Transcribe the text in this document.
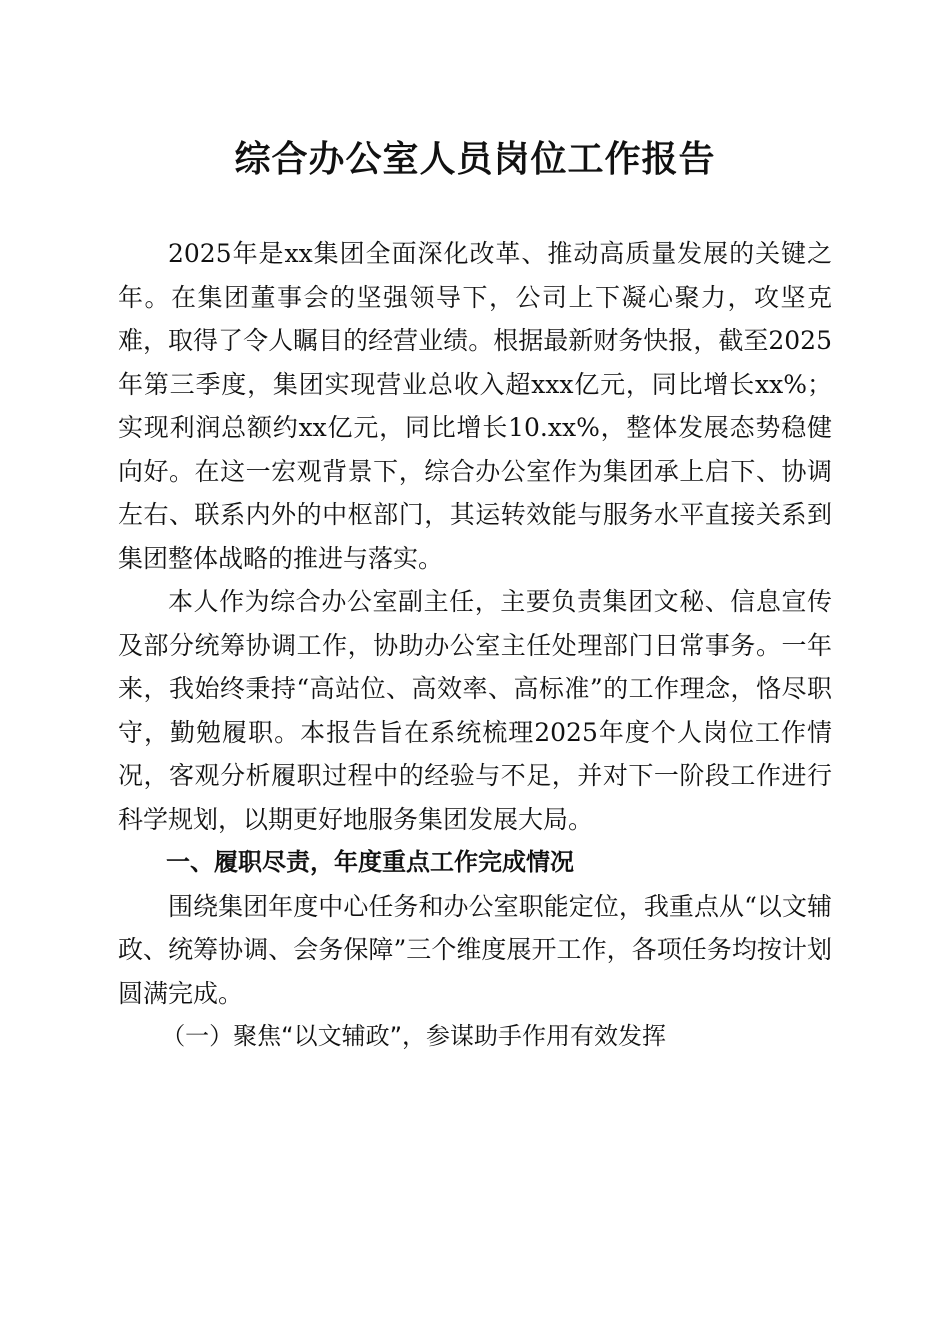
综合办公室人员岗位工作报告

2025年是xx集团全面深化改革、推动高质量发展的关键之年。在集团董事会的坚强领导下，公司上下凝心聚力，攻坚克难，取得了令人瞩目的经营业绩。根据最新财务快报，截至2025年第三季度，集团实现营业总收入超xxx亿元，同比增长xx%；实现利润总额约xx亿元，同比增长10.xx%，整体发展态势稳健向好。在这一宏观背景下，综合办公室作为集团承上启下、协调左右、联系内外的中枢部门，其运转效能与服务水平直接关系到集团整体战略的推进与落实。

本人作为综合办公室副主任，主要负责集团文秘、信息宣传及部分统筹协调工作，协助办公室主任处理部门日常事务。一年来，我始终秉持“高站位、高效率、高标准”的工作理念，恪尽职守，勤勉履职。本报告旨在系统梳理2025年度个人岗位工作情况，客观分析履职过程中的经验与不足，并对下一阶段工作进行科学规划，以期更好地服务集团发展大局。

一、履职尽责，年度重点工作完成情况

围绕集团年度中心任务和办公室职能定位，我重点从“以文辅政、统筹协调、会务保障”三个维度展开工作，各项任务均按计划圆满完成。

（一）聚焦“以文辅政”，参谋助手作用有效发挥
